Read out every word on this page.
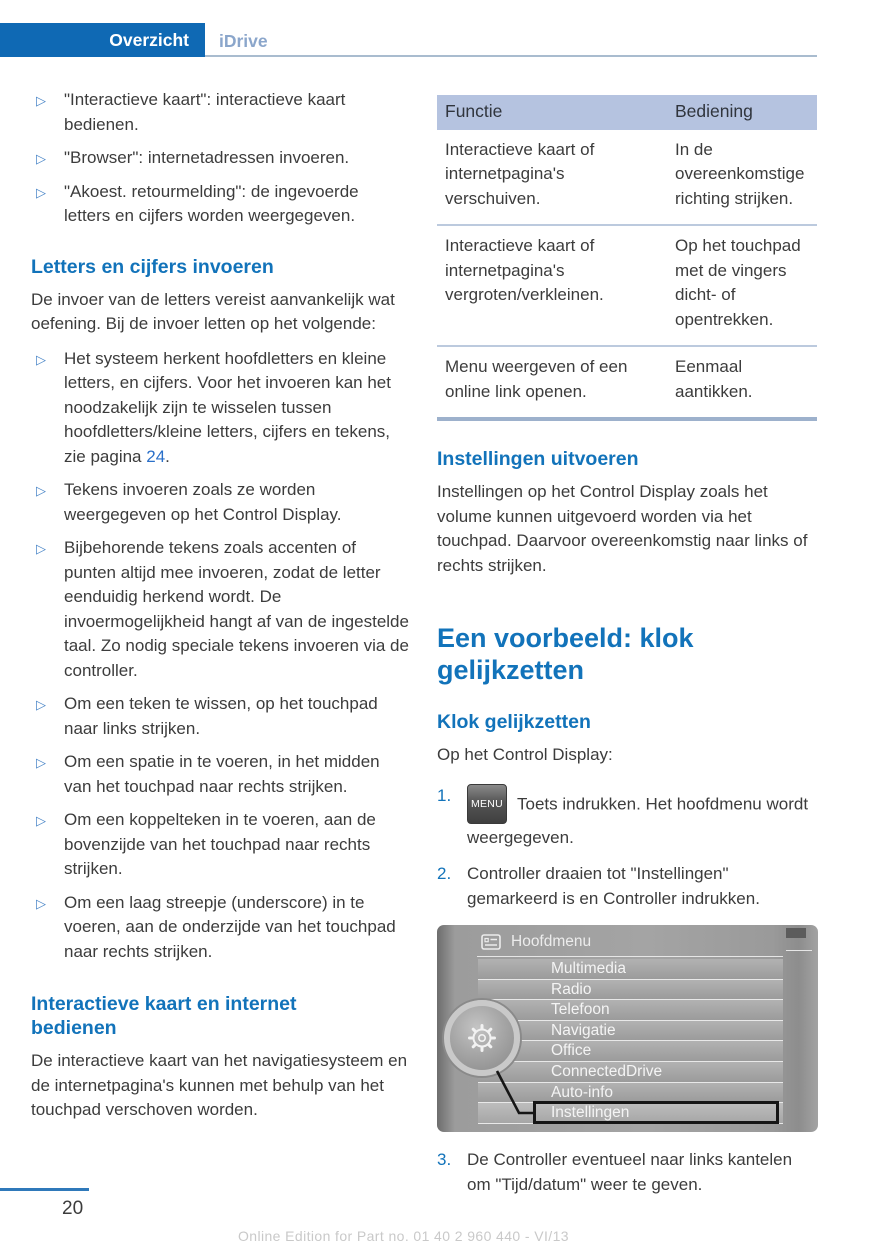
Overzicht iDrive
▷ "Interactieve kaart": interactieve kaart bedienen.
▷ "Browser": internetadressen invoeren.
▷ "Akoest. retourmelding": de ingevoerde letters en cijfers worden weergegeven.
Letters en cijfers invoeren

De invoer van de letters vereist aanvankelijk wat oefening. Bij de invoer letten op het volgende:

▷ Het systeem herkent hoofdletters en kleine letters, en cijfers. Voor het invoeren kan het noodzakelijk zijn te wisselen tussen hoofdletters/kleine letters, cijfers en tekens, zie pagina 24.
▷ Tekens invoeren zoals ze worden weergegeven op het Control Display.
▷ Bijbehorende tekens zoals accenten of punten altijd mee invoeren, zodat de letter eenduidig herkend wordt. De invoermogelijkheid hangt af van de ingestelde taal. Zo nodig speciale tekens invoeren via de controller.
▷ Om een teken te wissen, op het touchpad naar links strijken.
▷ Om een spatie in te voeren, in het midden van het touchpad naar rechts strijken.
▷ Om een koppelteken in te voeren, aan de bovenzijde van het touchpad naar rechts strijken.
▷ Om een laag streepje (underscore) in te voeren, aan de onderzijde van het touchpad naar rechts strijken.
Interactieve kaart en internet bedienen

De interactieve kaart van het navigatiesysteem en de internetpagina's kunnen met behulp van het touchpad verschoven worden.

Functie	Bediening
Interactieve kaart of internetpagina's verschuiven.	In de overeenkomstige richting strijken.
Interactieve kaart of internetpagina's vergroten/verkleinen.	Op het touchpad met de vingers dicht- of opentrekken.
Menu weergeven of een online link openen.	Eenmaal aantikken.
Instellingen uitvoeren

Instellingen op het Control Display zoals het volume kunnen uitgevoerd worden via het touchpad. Daarvoor overeenkomstig naar links of rechts strijken.

Een voorbeeld: klok gelijkzetten
Klok gelijkzetten

Op het Control Display:

1.	MENU Toets indrukken. Het hoofdmenu wordt weergegeven.
2. Controller draaien tot "Instellingen" gemarkeerd is en Controller indrukken.
Hoofdmenu
Multimedia
Radio
Telefoon
Navigatie
Office
ConnectedDrive
Auto-info
Instellingen
3. De Controller eventueel naar links kantelen om "Tijd/datum" weer te geven.
20
Online Edition for Part no. 01 40 2 960 440 - VI/13
